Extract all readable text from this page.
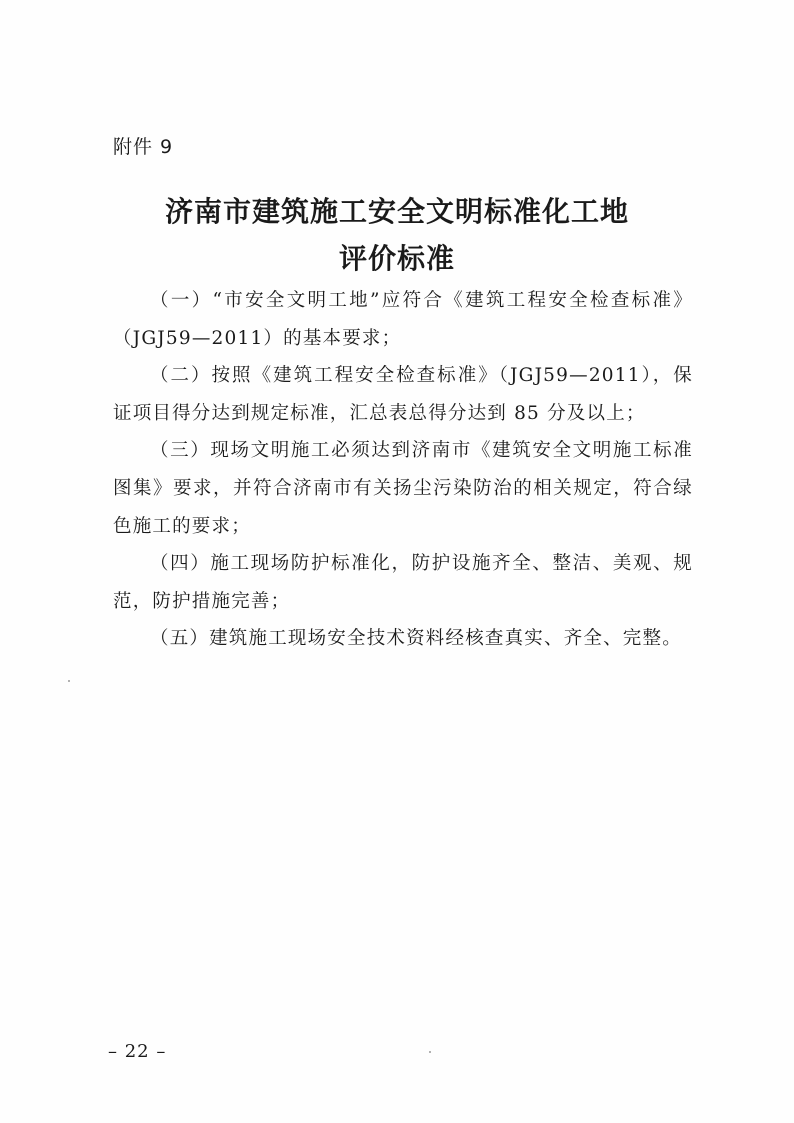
附件 9
济南市建筑施工安全文明标准化工地
评价标准

（一）“市安全文明工地”应符合《建筑工程安全检查标准》（JGJ59—2011）的基本要求；

（二）按照《建筑工程安全检查标准》（JGJ59—2011），保证项目得分达到规定标准，汇总表总得分达到 85 分及以上；

（三）现场文明施工必须达到济南市《建筑安全文明施工标准图集》要求，并符合济南市有关扬尘污染防治的相关规定，符合绿色施工的要求；

（四）施工现场防护标准化，防护设施齐全、整洁、美观、规范，防护措施完善；

（五）建筑施工现场安全技术资料经核查真实、齐全、完整。

– 22 –
